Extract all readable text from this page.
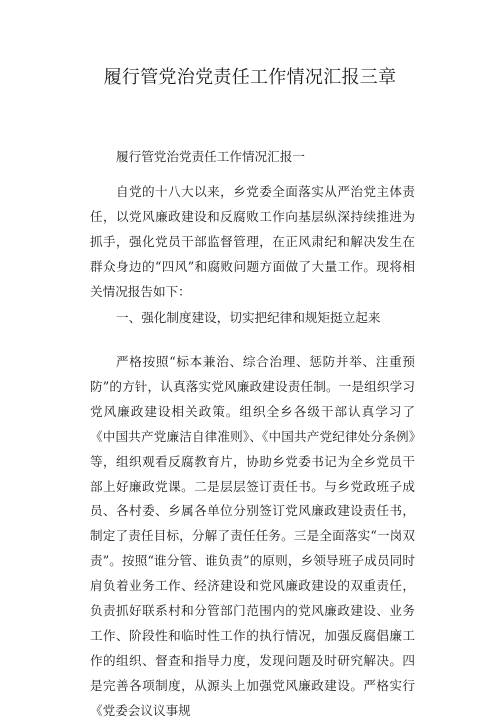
履行管党治党责任工作情况汇报三章

履行管党治党责任工作情况汇报一

自党的十八大以来，乡党委全面落实从严治党主体责任，以党风廉政建设和反腐败工作向基层纵深持续推进为抓手，强化党员干部监督管理，在正风肃纪和解决发生在群众身边的“四风”和腐败问题方面做了大量工作。现将相关情况报告如下：

一、强化制度建设，切实把纪律和规矩挺立起来

严格按照“标本兼治、综合治理、惩防并举、注重预防”的方针，认真落实党风廉政建设责任制。一是组织学习党风廉政建设相关政策。组织全乡各级干部认真学习了《中国共产党廉洁自律准则》、《中国共产党纪律处分条例》等，组织观看反腐教育片，协助乡党委书记为全乡党员干部上好廉政党课。二是层层签订责任书。与乡党政班子成员、各村委、乡属各单位分别签订党风廉政建设责任书，制定了责任目标，分解了责任任务。三是全面落实“一岗双责”。按照“谁分管、谁负责”的原则，乡领导班子成员同时肩负着业务工作、经济建设和党风廉政建设的双重责任，负责抓好联系村和分管部门范围内的党风廉政建设、业务工作、阶段性和临时性工作的执行情况，加强反腐倡廉工作的组织、督查和指导力度，发现问题及时研究解决。四是完善各项制度，从源头上加强党风廉政建设。严格实行《党委会议议事规
